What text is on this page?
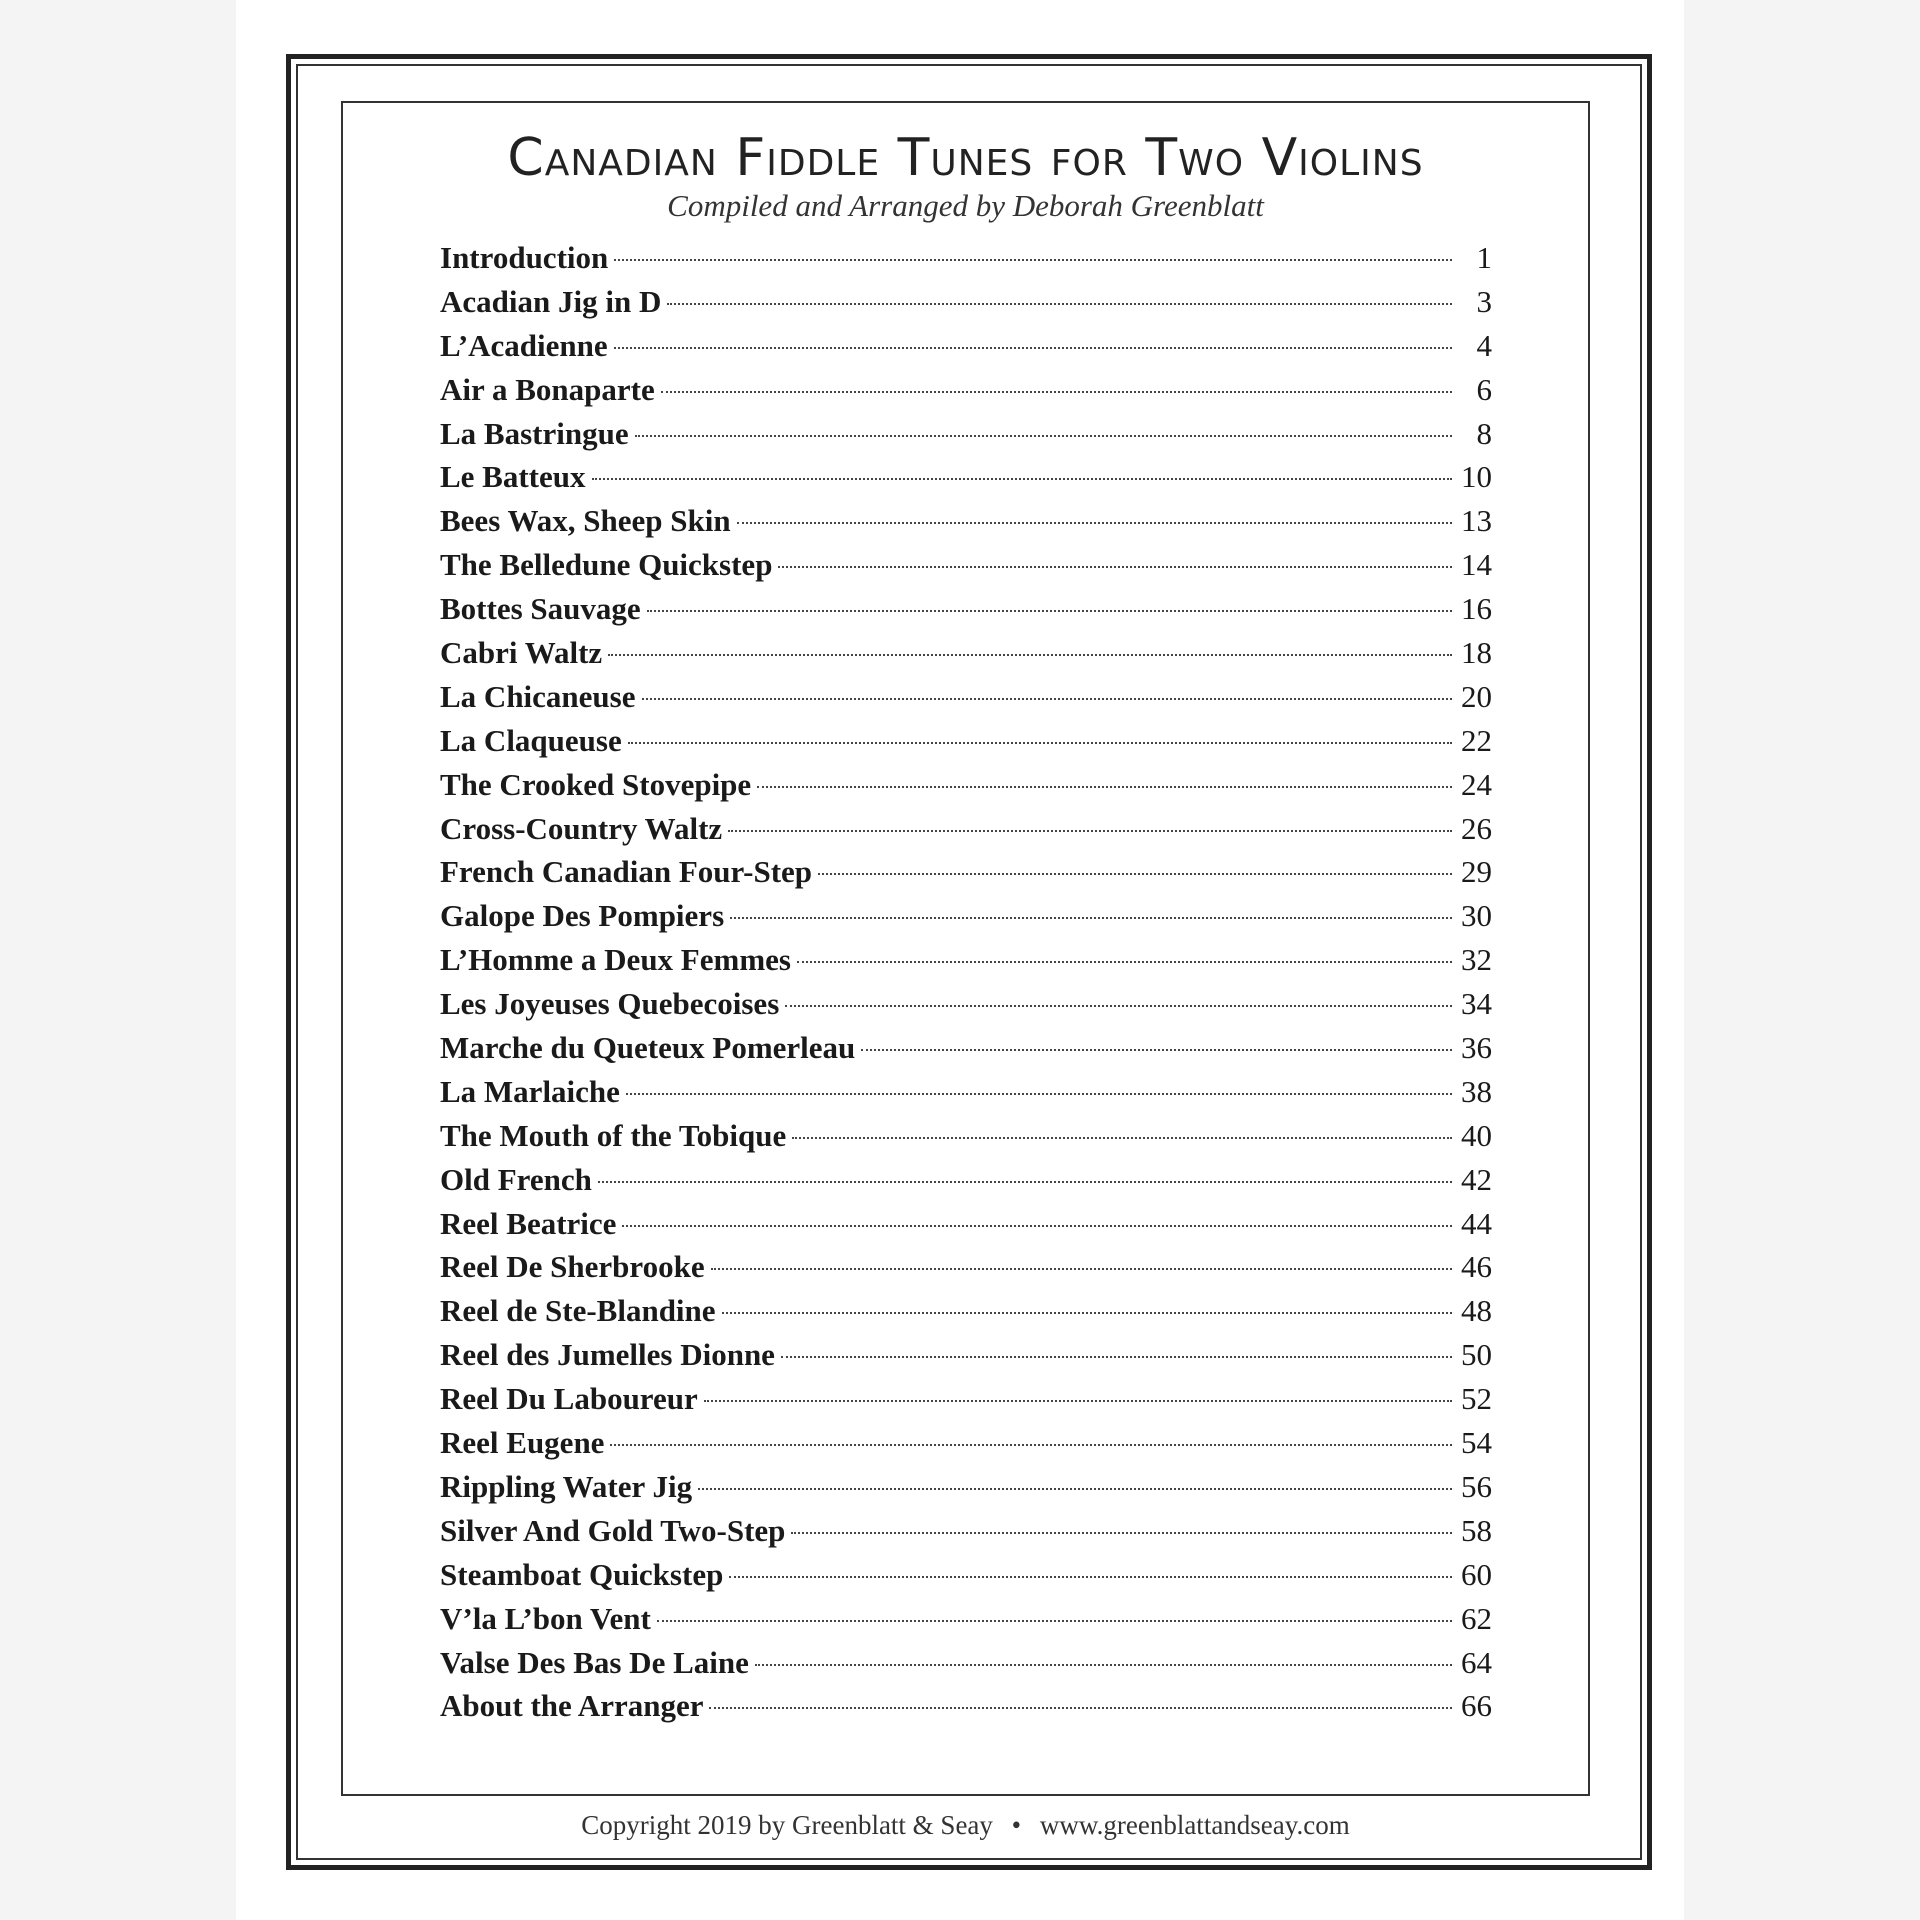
Canadian Fiddle Tunes for Two Violins

Compiled and Arranged by Deborah Greenblatt

Introduction	1
Acadian Jig in D	3
L’Acadienne	4
Air a Bonaparte	6
La Bastringue	8
Le Batteux	10
Bees Wax, Sheep Skin	13
The Belledune Quickstep	14
Bottes Sauvage	16
Cabri Waltz	18
La Chicaneuse	20
La Claqueuse	22
The Crooked Stovepipe	24
Cross-Country Waltz	26
French Canadian Four-Step	29
Galope Des Pompiers	30
L’Homme a Deux Femmes	32
Les Joyeuses Quebecoises	34
Marche du Queteux Pomerleau	36
La Marlaiche	38
The Mouth of the Tobique	40
Old French	42
Reel Beatrice	44
Reel De Sherbrooke	46
Reel de Ste-Blandine	48
Reel des Jumelles Dionne	50
Reel Du Laboureur	52
Reel Eugene	54
Rippling Water Jig	56
Silver And Gold Two-Step	58
Steamboat Quickstep	60
V’la L’bon Vent	62
Valse Des Bas De Laine	64
About the Arranger	66
Copyright 2019 by Greenblatt & Seay • www.greenblattandseay.com
